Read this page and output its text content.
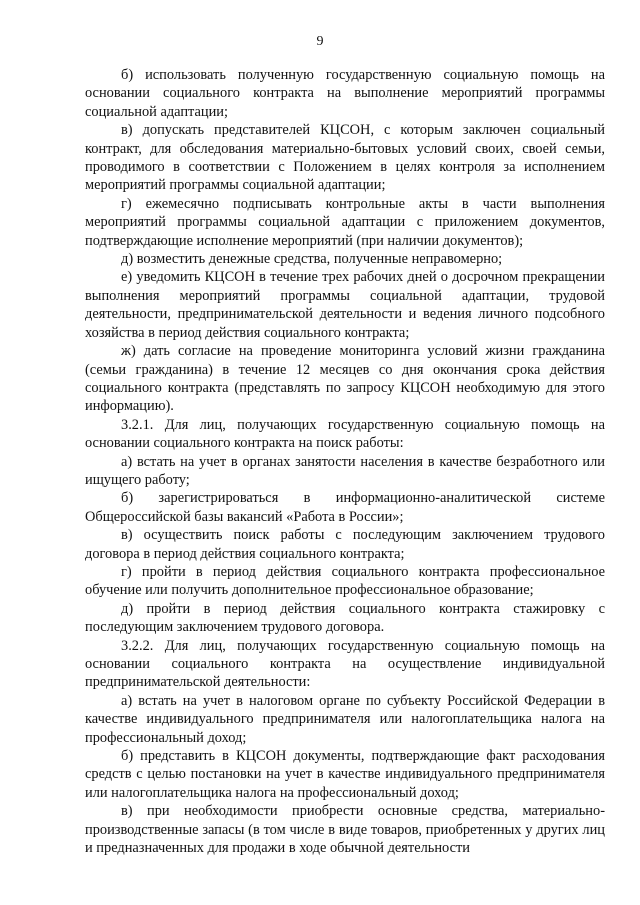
9

б) использовать полученную государственную социальную помощь на основании социального контракта на выполнение мероприятий программы социальной адаптации;

в) допускать представителей КЦСОН, с которым заключен социальный контракт, для обследования материально-бытовых условий своих, своей семьи, проводимого в соответствии с Положением в целях контроля за исполнением мероприятий программы социальной адаптации;

г) ежемесячно подписывать контрольные акты в части выполнения мероприятий программы социальной адаптации с приложением документов, подтверждающие исполнение мероприятий (при наличии документов);

д) возместить денежные средства, полученные неправомерно;

е) уведомить КЦСОН в течение трех рабочих дней о досрочном прекращении выполнения мероприятий программы социальной адаптации, трудовой деятельности, предпринимательской деятельности и ведения личного подсобного хозяйства в период действия социального контракта;

ж) дать согласие на проведение мониторинга условий жизни гражданина (семьи гражданина) в течение 12 месяцев со дня окончания срока действия социального контракта (представлять по запросу КЦСОН необходимую для этого информацию).

3.2.1. Для лиц, получающих государственную социальную помощь на основании социального контракта на поиск работы:

а) встать на учет в органах занятости населения в качестве безработного или ищущего работу;

б) зарегистрироваться в информационно-аналитической системе Общероссийской базы вакансий «Работа в России»;

в) осуществить поиск работы с последующим заключением трудового договора в период действия социального контракта;

г) пройти в период действия социального контракта профессиональное обучение или получить дополнительное профессиональное образование;

д) пройти в период действия социального контракта стажировку с последующим заключением трудового договора.

3.2.2. Для лиц, получающих государственную социальную помощь на основании социального контракта на осуществление индивидуальной предпринимательской деятельности:

а) встать на учет в налоговом органе по субъекту Российской Федерации в качестве индивидуального предпринимателя или налогоплательщика налога на профессиональный доход;

б) представить в КЦСОН документы, подтверждающие факт расходования средств с целью постановки на учет в качестве индивидуального предпринимателя или налогоплательщика налога на профессиональный доход;

в) при необходимости приобрести основные средства, материально-производственные запасы (в том числе в виде товаров, приобретенных у других лиц и предназначенных для продажи в ходе обычной деятельности
